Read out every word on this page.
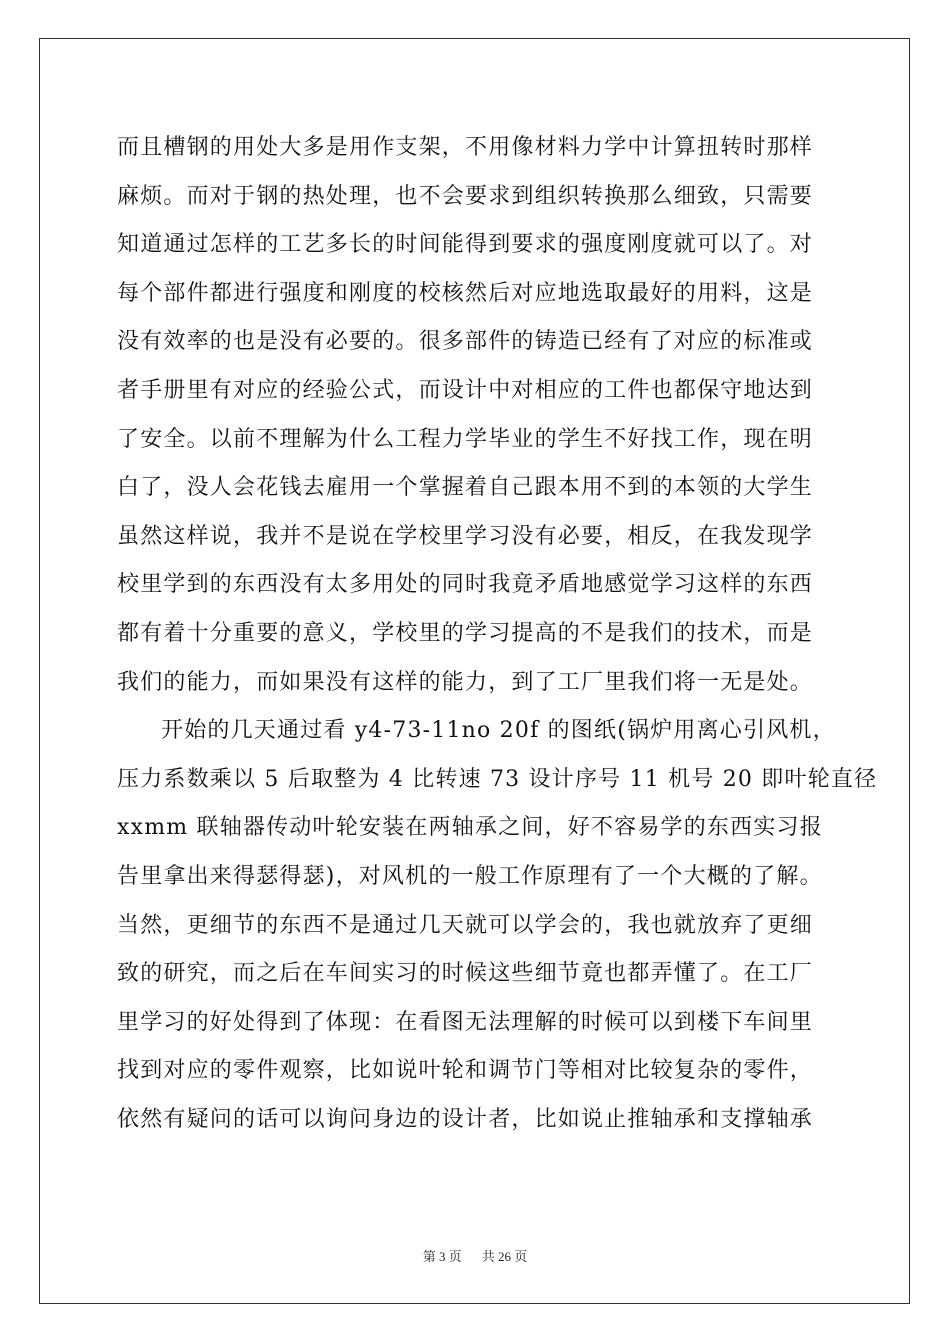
而且槽钢的用处大多是用作支架，不用像材料力学中计算扭转时那样
麻烦。而对于钢的热处理，也不会要求到组织转换那么细致，只需要
知道通过怎样的工艺多长的时间能得到要求的强度刚度就可以了。对
每个部件都进行强度和刚度的校核然后对应地选取最好的用料，这是
没有效率的也是没有必要的。很多部件的铸造已经有了对应的标准或
者手册里有对应的经验公式，而设计中对相应的工件也都保守地达到
了安全。以前不理解为什么工程力学毕业的学生不好找工作，现在明
白了，没人会花钱去雇用一个掌握着自己跟本用不到的本领的大学生
虽然这样说，我并不是说在学校里学习没有必要，相反，在我发现学
校里学到的东西没有太多用处的同时我竟矛盾地感觉学习这样的东西
都有着十分重要的意义，学校里的学习提高的不是我们的技术，而是
我们的能力，而如果没有这样的能力，到了工厂里我们将一无是处。
开始的几天通过看 y4-73-11no 20f 的图纸(锅炉用离心引风机，
压力系数乘以 5 后取整为 4 比转速 73 设计序号 11 机号 20 即叶轮直径
xxmm 联轴器传动叶轮安装在两轴承之间，好不容易学的东西实习报
告里拿出来得瑟得瑟)，对风机的一般工作原理有了一个大概的了解。
当然，更细节的东西不是通过几天就可以学会的，我也就放弃了更细
致的研究，而之后在车间实习的时候这些细节竟也都弄懂了。在工厂
里学习的好处得到了体现：在看图无法理解的时候可以到楼下车间里
找到对应的零件观察，比如说叶轮和调节门等相对比较复杂的零件，
依然有疑问的话可以询问身边的设计者，比如说止推轴承和支撑轴承
第 3 页 共 26 页
